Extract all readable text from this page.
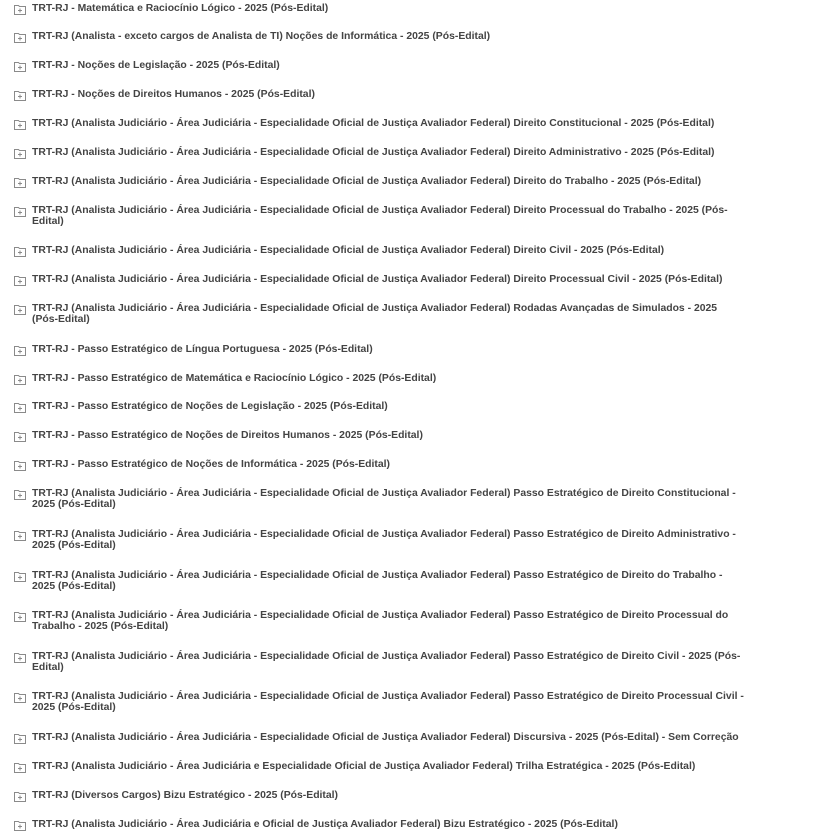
TRT-RJ - Matemática e Raciocínio Lógico - 2025 (Pós-Edital)
TRT-RJ (Analista - exceto cargos de Analista de TI) Noções de Informática - 2025 (Pós-Edital)
TRT-RJ - Noções de Legislação - 2025 (Pós-Edital)
TRT-RJ - Noções de Direitos Humanos - 2025 (Pós-Edital)
TRT-RJ (Analista Judiciário - Área Judiciária - Especialidade Oficial de Justiça Avaliador Federal) Direito Constitucional - 2025 (Pós-Edital)
TRT-RJ (Analista Judiciário - Área Judiciária - Especialidade Oficial de Justiça Avaliador Federal) Direito Administrativo - 2025 (Pós-Edital)
TRT-RJ (Analista Judiciário - Área Judiciária - Especialidade Oficial de Justiça Avaliador Federal) Direito do Trabalho - 2025 (Pós-Edital)
TRT-RJ (Analista Judiciário - Área Judiciária - Especialidade Oficial de Justiça Avaliador Federal) Direito Processual do Trabalho - 2025 (Pós-Edital)
TRT-RJ (Analista Judiciário - Área Judiciária - Especialidade Oficial de Justiça Avaliador Federal) Direito Civil - 2025 (Pós-Edital)
TRT-RJ (Analista Judiciário - Área Judiciária - Especialidade Oficial de Justiça Avaliador Federal) Direito Processual Civil - 2025 (Pós-Edital)
TRT-RJ (Analista Judiciário - Área Judiciária - Especialidade Oficial de Justiça Avaliador Federal) Rodadas Avançadas de Simulados - 2025 (Pós-Edital)
TRT-RJ - Passo Estratégico de Língua Portuguesa - 2025 (Pós-Edital)
TRT-RJ - Passo Estratégico de Matemática e Raciocínio Lógico - 2025 (Pós-Edital)
TRT-RJ - Passo Estratégico de Noções de Legislação - 2025 (Pós-Edital)
TRT-RJ - Passo Estratégico de Noções de Direitos Humanos - 2025 (Pós-Edital)
TRT-RJ - Passo Estratégico de Noções de Informática - 2025 (Pós-Edital)
TRT-RJ (Analista Judiciário - Área Judiciária - Especialidade Oficial de Justiça Avaliador Federal) Passo Estratégico de Direito Constitucional - 2025 (Pós-Edital)
TRT-RJ (Analista Judiciário - Área Judiciária - Especialidade Oficial de Justiça Avaliador Federal) Passo Estratégico de Direito Administrativo - 2025 (Pós-Edital)
TRT-RJ (Analista Judiciário - Área Judiciária - Especialidade Oficial de Justiça Avaliador Federal) Passo Estratégico de Direito do Trabalho - 2025 (Pós-Edital)
TRT-RJ (Analista Judiciário - Área Judiciária - Especialidade Oficial de Justiça Avaliador Federal) Passo Estratégico de Direito Processual do Trabalho - 2025 (Pós-Edital)
TRT-RJ (Analista Judiciário - Área Judiciária - Especialidade Oficial de Justiça Avaliador Federal) Passo Estratégico de Direito Civil - 2025 (Pós-Edital)
TRT-RJ (Analista Judiciário - Área Judiciária - Especialidade Oficial de Justiça Avaliador Federal) Passo Estratégico de Direito Processual Civil - 2025 (Pós-Edital)
TRT-RJ (Analista Judiciário - Área Judiciária - Especialidade Oficial de Justiça Avaliador Federal) Discursiva - 2025 (Pós-Edital) - Sem Correção
TRT-RJ (Analista Judiciário - Área Judiciária e Especialidade Oficial de Justiça Avaliador Federal) Trilha Estratégica - 2025 (Pós-Edital)
TRT-RJ (Diversos Cargos) Bizu Estratégico - 2025 (Pós-Edital)
TRT-RJ (Analista Judiciário - Área Judiciária e Oficial de Justiça Avaliador Federal) Bizu Estratégico - 2025 (Pós-Edital)
